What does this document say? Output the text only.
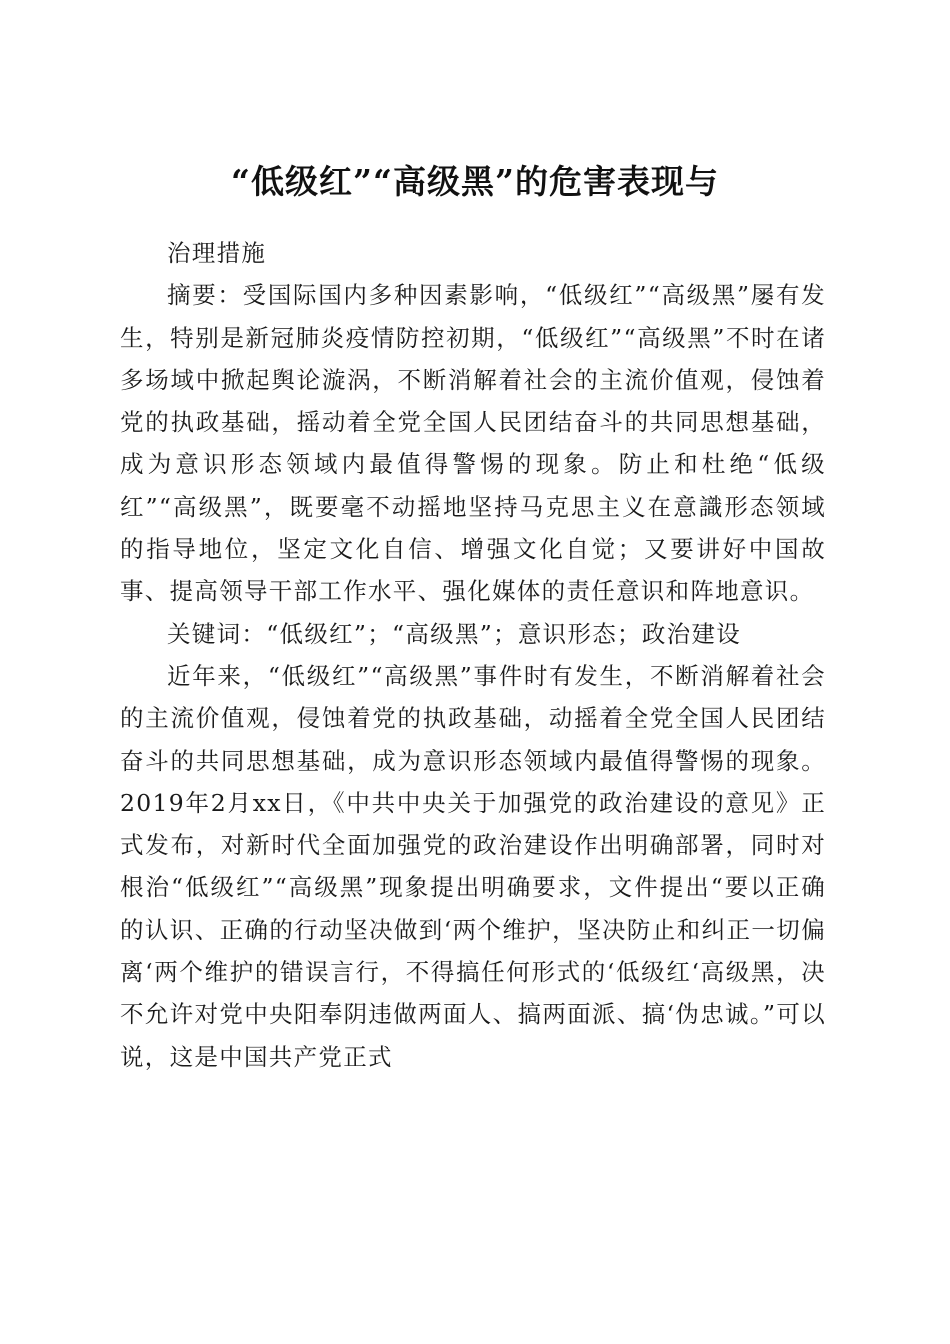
“低级红”“高级黑”的危害表现与

治理措施

摘要：受国际国内多种因素影响，“低级红”“高级黑”屡有发生，特别是新冠肺炎疫情防控初期，“低级红”“高级黑”不时在诸多场域中掀起舆论漩涡，不断消解着社会的主流价值观，侵蚀着党的执政基础，摇动着全党全国人民团结奋斗的共同思想基础，成为意识形态领域内最值得警惕的现象。防止和杜绝“低级红”“高级黑”，既要毫不动摇地坚持马克思主义在意識形态领域的指导地位，坚定文化自信、增强文化自觉；又要讲好中国故事、提高领导干部工作水平、强化媒体的责任意识和阵地意识。

关键词：“低级红”；“高级黑”；意识形态；政治建设

近年来，“低级红”“高级黑”事件时有发生，不断消解着社会的主流价值观，侵蚀着党的执政基础，动摇着全党全国人民团结奋斗的共同思想基础，成为意识形态领域内最值得警惕的现象。2019年2月xx日，《中共中央关于加强党的政治建设的意见》正式发布，对新时代全面加强党的政治建设作出明确部署，同时对根治“低级红”“高级黑”现象提出明确要求，文件提出“要以正确的认识、正确的行动坚决做到‘两个维护，坚决防止和纠正一切偏离‘两个维护的错误言行，不得搞任何形式的‘低级红‘高级黑，决不允许对党中央阳奉阴违做两面人、搞两面派、搞‘伪忠诚。”可以说，这是中国共产党正式
